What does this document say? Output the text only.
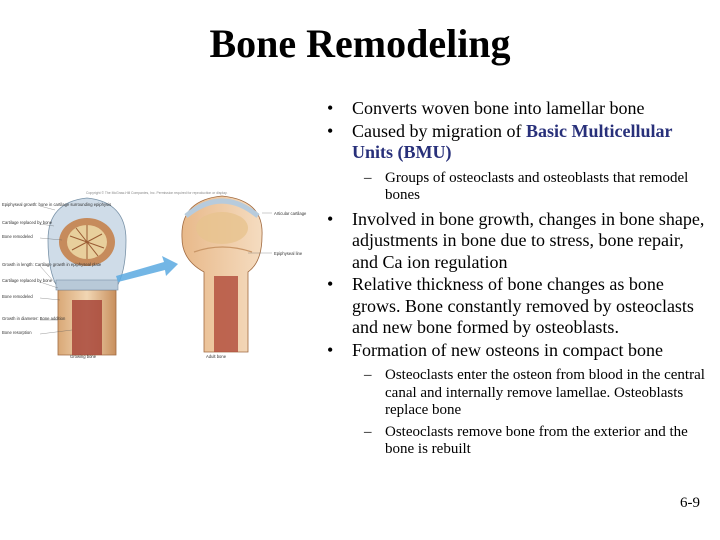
Bone Remodeling
Copyright © The McGraw-Hill Companies, Inc. Permission required for reproduction or display.
Epiphyseal growth: bone in cartilage surrounding epiphysis
Cartilage replaced by bone
Bone remodeled
Growth in length: Cartilage growth in epiphyseal plate
Cartilage replaced by bone
Bone remodeled
Growth in diameter: Bone addition
Bone resorption
Articular cartilage
Epiphyseal line
Growing bone	Adult bone
• Converts woven bone into lamellar bone
• Caused by migration of Basic Multicellular Units (BMU)
– Groups of osteoclasts and osteoblasts that remodel bones
• Involved in bone growth, changes in bone shape, adjustments in bone due to stress, bone repair, and Ca ion regulation
• Relative thickness of bone changes as bone grows. Bone constantly removed by osteoclasts and new bone formed by osteoblasts.
• Formation of new osteons in compact bone
– Osteoclasts enter the osteon from blood in the central canal and internally remove lamellae. Osteoblasts replace bone
– Osteoclasts remove bone from the exterior and the bone is rebuilt
6-9
